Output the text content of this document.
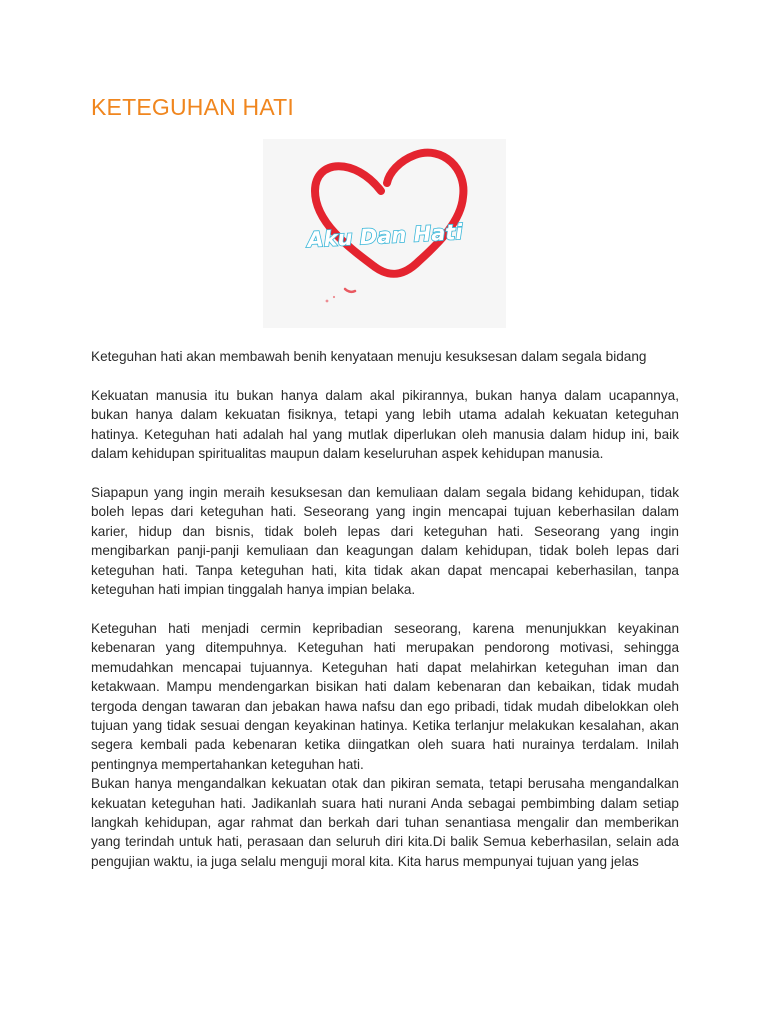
KETEGUHAN HATI
Aku Dan Hati

Keteguhan hati akan membawah benih kenyataan menuju kesuksesan dalam segala bidang

Kekuatan manusia itu bukan hanya dalam akal pikirannya, bukan hanya dalam ucapannya, bukan hanya dalam kekuatan fisiknya, tetapi yang lebih utama adalah kekuatan keteguhan hatinya. Keteguhan hati adalah hal yang mutlak diperlukan oleh manusia dalam hidup ini, baik dalam kehidupan spiritualitas maupun dalam keseluruhan aspek kehidupan manusia.

Siapapun yang ingin meraih kesuksesan dan kemuliaan dalam segala bidang kehidupan, tidak boleh lepas dari keteguhan hati. Seseorang yang ingin mencapai tujuan keberhasilan dalam karier, hidup dan bisnis, tidak boleh lepas dari keteguhan hati. Seseorang yang ingin mengibarkan panji-panji kemuliaan dan keagungan dalam kehidupan, tidak boleh lepas dari keteguhan hati. Tanpa keteguhan hati, kita tidak akan dapat mencapai keberhasilan, tanpa keteguhan hati impian tinggalah hanya impian belaka.

Keteguhan hati menjadi cermin kepribadian seseorang, karena menunjukkan keyakinan kebenaran yang ditempuhnya. Keteguhan hati merupakan pendorong motivasi, sehingga memudahkan mencapai tujuannya. Keteguhan hati dapat melahirkan keteguhan iman dan ketakwaan. Mampu mendengarkan bisikan hati dalam kebenaran dan kebaikan, tidak mudah tergoda dengan tawaran dan jebakan hawa nafsu dan ego pribadi, tidak mudah dibelokkan oleh tujuan yang tidak sesuai dengan keyakinan hatinya. Ketika terlanjur melakukan kesalahan, akan segera kembali pada kebenaran ketika diingatkan oleh suara hati nurainya terdalam. Inilah pentingnya mempertahankan keteguhan hati.

Bukan hanya mengandalkan kekuatan otak dan pikiran semata, tetapi berusaha mengandalkan kekuatan keteguhan hati. Jadikanlah suara hati nurani Anda sebagai pembimbing dalam setiap langkah kehidupan, agar rahmat dan berkah dari tuhan senantiasa mengalir dan memberikan yang terindah untuk hati, perasaan dan seluruh diri kita.Di balik Semua keberhasilan, selain ada pengujian waktu, ia juga selalu menguji moral kita. Kita harus mempunyai tujuan yang jelas
